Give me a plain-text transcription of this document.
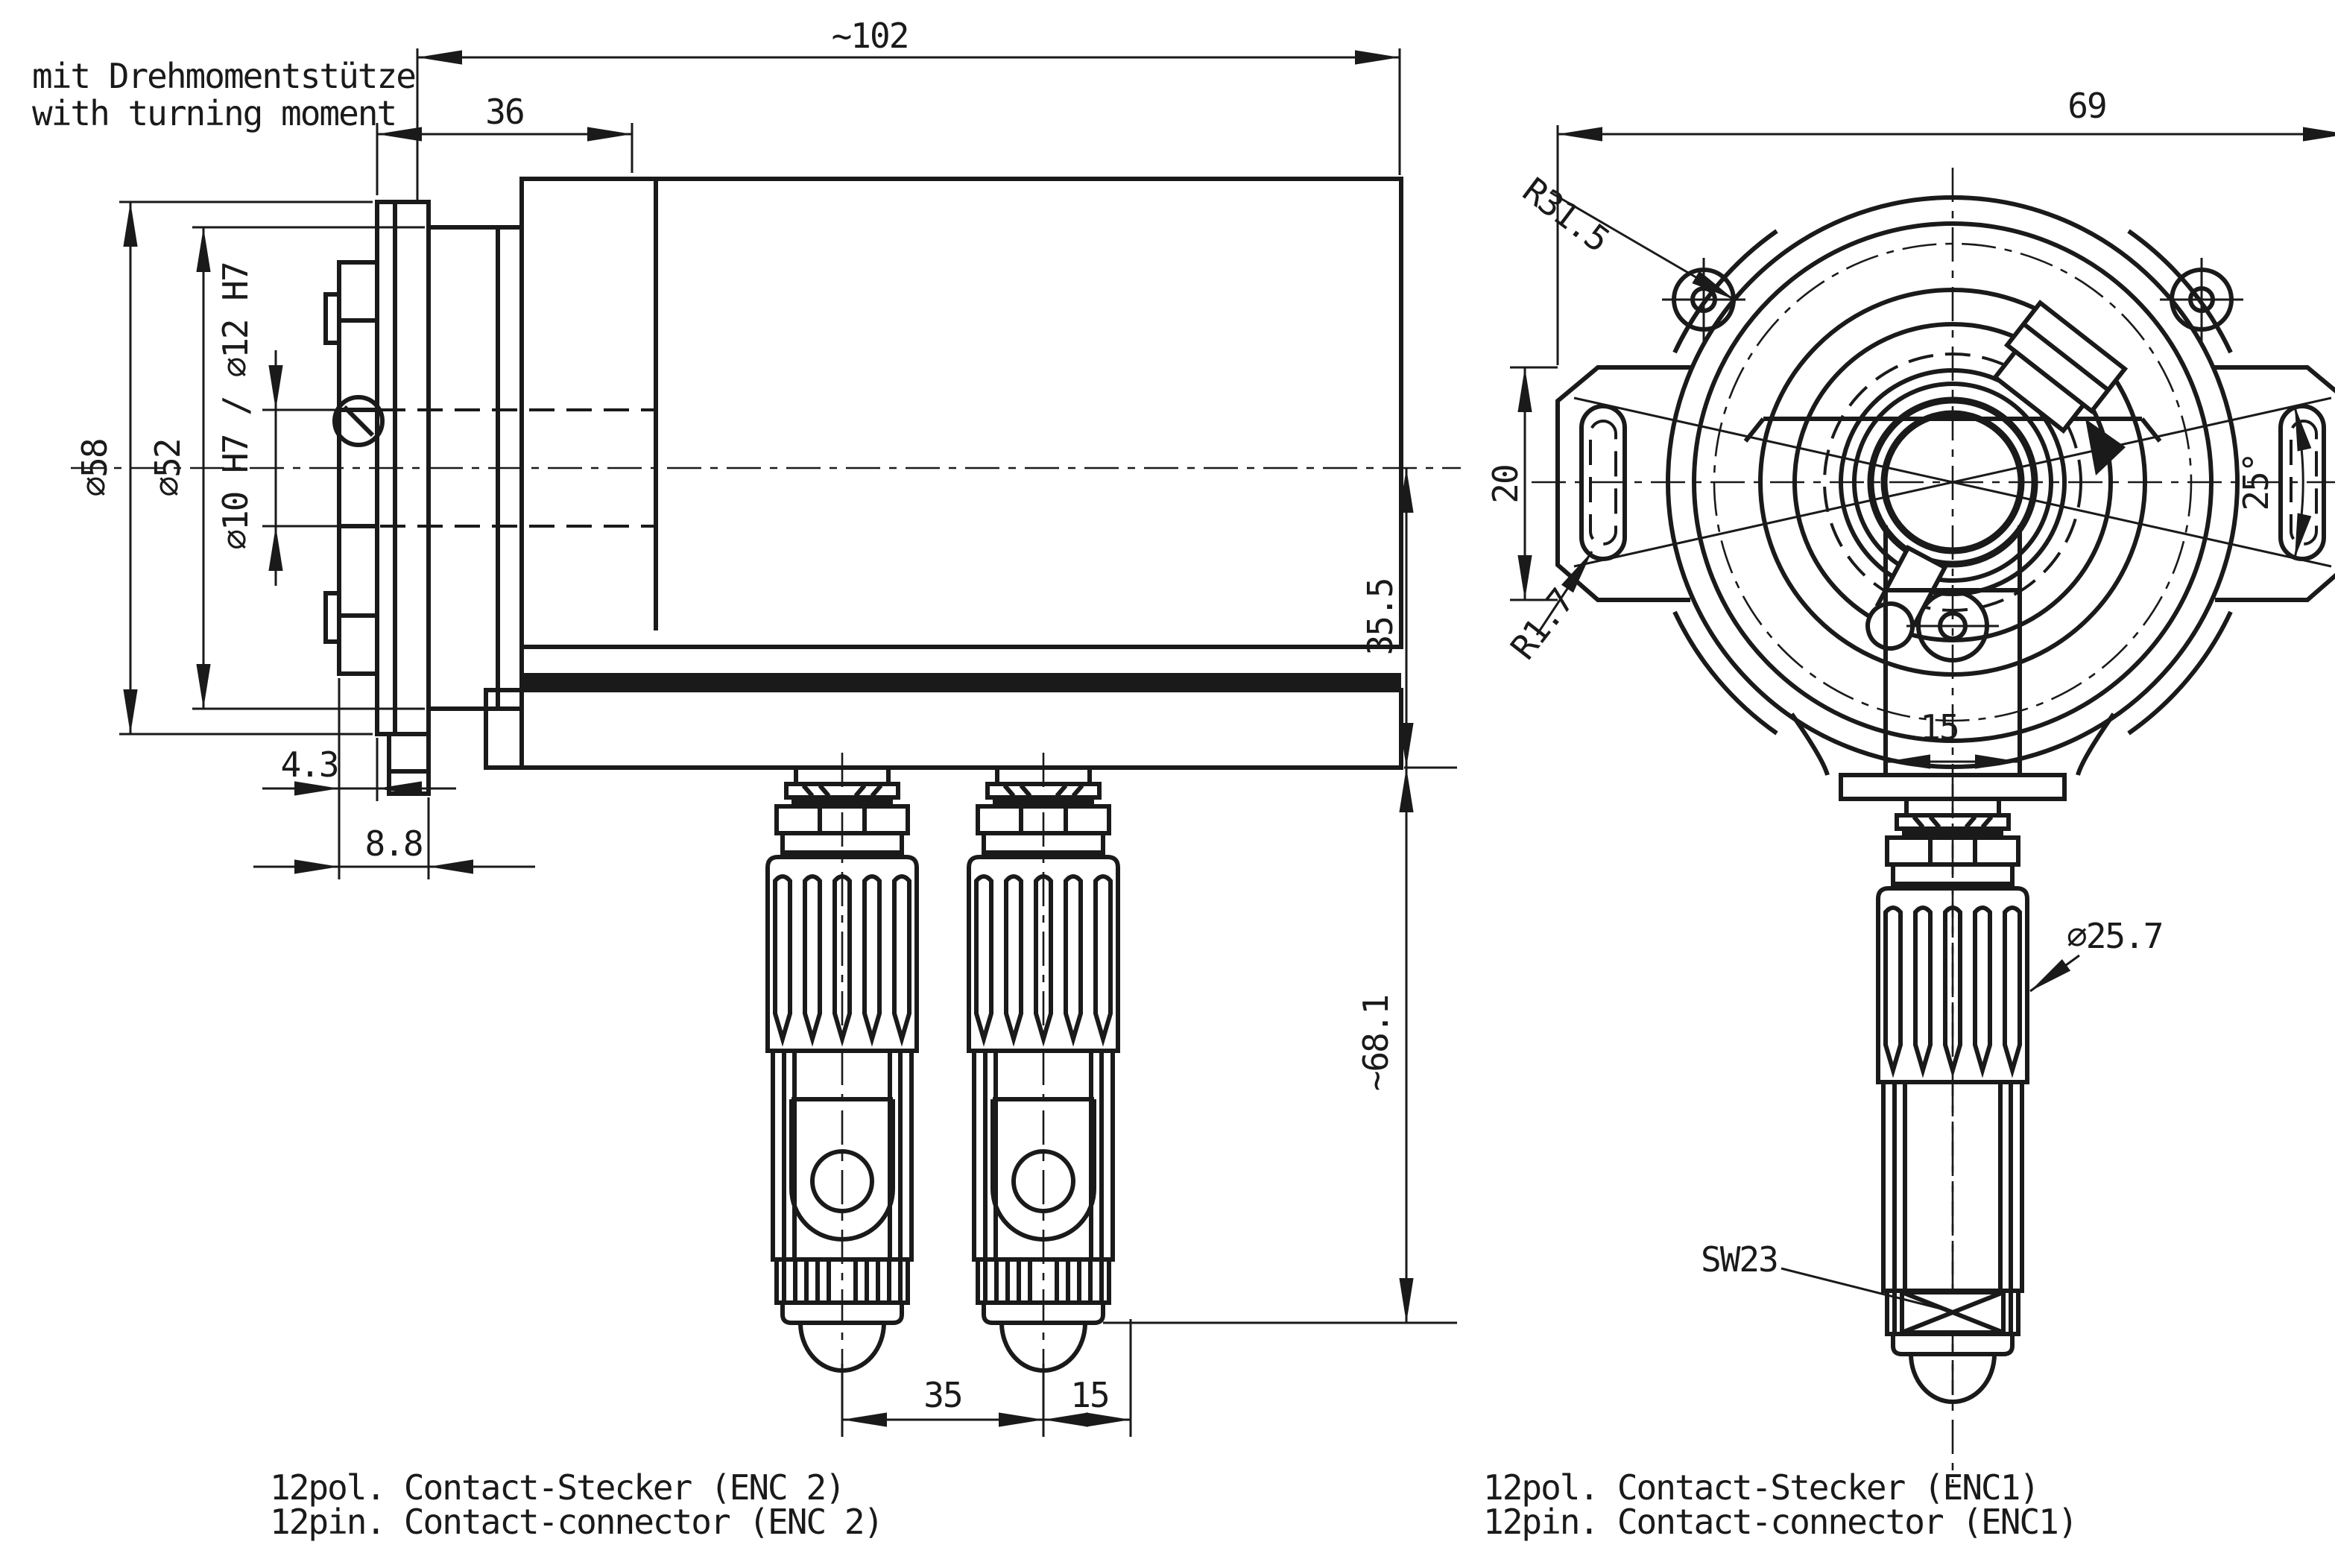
~102
36
⌀58 ⌀52 ⌀10 H7 / ⌀12 H7
4.3
8.8
35.5
~68.1
35	15
69
R31.5
20	25°
R1.7
15
⌀25.7
SW23
mit Drehmomentstütze
with turning moment
12pol. Contact-Stecker (ENC 2)
12pin. Contact-connector (ENC 2)
12pol. Contact-Stecker (ENC1)
12pin. Contact-connector (ENC1)
